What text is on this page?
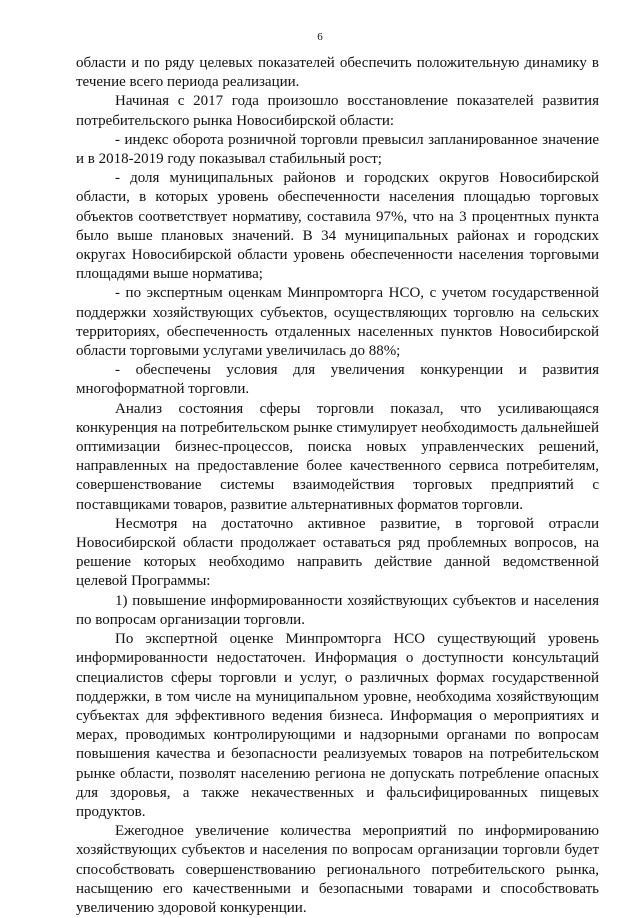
6

области и по ряду целевых показателей обеспечить положительную динамику в течение всего периода реализации.

Начиная с 2017 года произошло восстановление показателей развития потребительского рынка Новосибирской области:

- индекс оборота розничной торговли превысил запланированное значение и в 2018-2019 году показывал стабильный рост;

- доля муниципальных районов и городских округов Новосибирской области, в которых уровень обеспеченности населения площадью торговых объектов соответствует нормативу, составила 97%, что на 3 процентных пункта было выше плановых значений. В 34 муниципальных районах и городских округах Новосибирской области уровень обеспеченности населения торговыми площадями выше норматива;

- по экспертным оценкам Минпромторга НСО, с учетом государственной поддержки хозяйствующих субъектов, осуществляющих торговлю на сельских территориях, обеспеченность отдаленных населенных пунктов Новосибирской области торговыми услугами увеличилась до 88%;

- обеспечены условия для увеличения конкуренции и развития многоформатной торговли.

Анализ состояния сферы торговли показал, что усиливающаяся конкуренция на потребительском рынке стимулирует необходимость дальнейшей оптимизации бизнес-процессов, поиска новых управленческих решений, направленных на предоставление более качественного сервиса потребителям, совершенствование системы взаимодействия торговых предприятий с поставщиками товаров, развитие альтернативных форматов торговли.

Несмотря на достаточно активное развитие, в торговой отрасли Новосибирской области продолжает оставаться ряд проблемных вопросов, на решение которых необходимо направить действие данной ведомственной целевой Программы:

1) повышение информированности хозяйствующих субъектов и населения по вопросам организации торговли.

По экспертной оценке Минпромторга НСО существующий уровень информированности недостаточен. Информация о доступности консультаций специалистов сферы торговли и услуг, о различных формах государственной поддержки, в том числе на муниципальном уровне, необходима хозяйствующим субъектах для эффективного ведения бизнеса. Информация о мероприятиях и мерах, проводимых контролирующими и надзорными органами по вопросам повышения качества и безопасности реализуемых товаров на потребительском рынке области, позволят населению региона не допускать потребление опасных для здоровья, а также некачественных и фальсифицированных пищевых продуктов.

Ежегодное увеличение количества мероприятий по информированию хозяйствующих субъектов и населения по вопросам организации торговли будет способствовать совершенствованию регионального потребительского рынка, насыщению его качественными и безопасными товарами и способствовать увеличению здоровой конкуренции.
